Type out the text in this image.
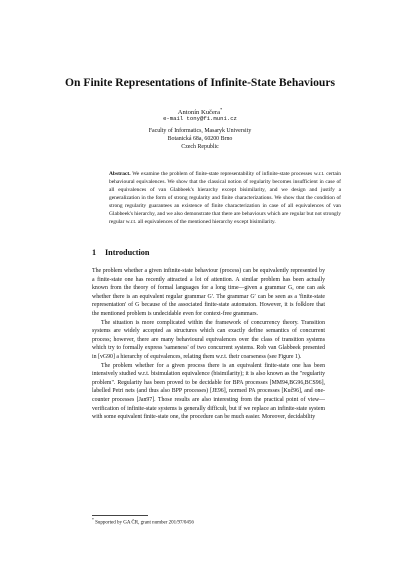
On Finite Representations of Infinite-State Behaviours
Antonín Kučera*
e-mail tony@fi.muni.cz
Faculty of Informatics, Masaryk University
Botanická 68a, 60200 Brno
Czech Republic
Abstract. We examine the problem of finite-state representability of infinite-state processes w.r.t. certain behavioural equivalences. We show that the classical notion of regularity becomes insufficient in case of all equivalences of van Glabbeek's hierarchy except bisimilarity, and we design and justify a generalization in the form of strong regularity and finite characterizations. We show that the condition of strong regularity guarantees an existence of finite characterization in case of all equivalences of van Glabbeek's hierarchy, and we also demonstrate that there are behaviours which are regular but not strongly regular w.r.t. all equivalences of the mentioned hierarchy except bisimilarity.
1 Introduction

The problem whether a given infinite-state behaviour (process) can be equivalently represented by a finite-state one has recently attracted a lot of attention. A similar problem has been actually known from the theory of formal languages for a long time—given a grammar G, one can ask whether there is an equivalent regular grammar G′. The grammar G′ can be seen as a 'finite-state representation' of G because of the associated finite-state automaton. However, it is folklore that the mentioned problem is undecidable even for context-free grammars.

The situation is more complicated within the framework of concurrency theory. Transition systems are widely accepted as structures which can exactly define semantics of concurrent process; however, there are many behavioural equivalences over the class of transition systems which try to formally express 'sameness' of two concurrent systems. Rob van Glabbeek presented in [vG90] a hierarchy of equivalences, relating them w.r.t. their coarseness (see Figure 1).

The problem whether for a given process there is an equivalent finite-state one has been intensively studied w.r.t. bisimulation equivalence (bisimilarity); it is also known as the "regularity problem". Regularity has been proved to be decidable for BPA processes [MM94,BG96,BCS96], labelled Petri nets (and thus also BPP processes) [JE96], normed PA processes [Kuč96], and one-counter processes [Jan97]. Those results are also interesting from the practical point of view—verification of infinite-state systems is generally difficult, but if we replace an infinite-state system with some equivalent finite-state one, the procedure can be much easier. Moreover, decidability

* Supported by GA ČR, grant number 201/97/0456
